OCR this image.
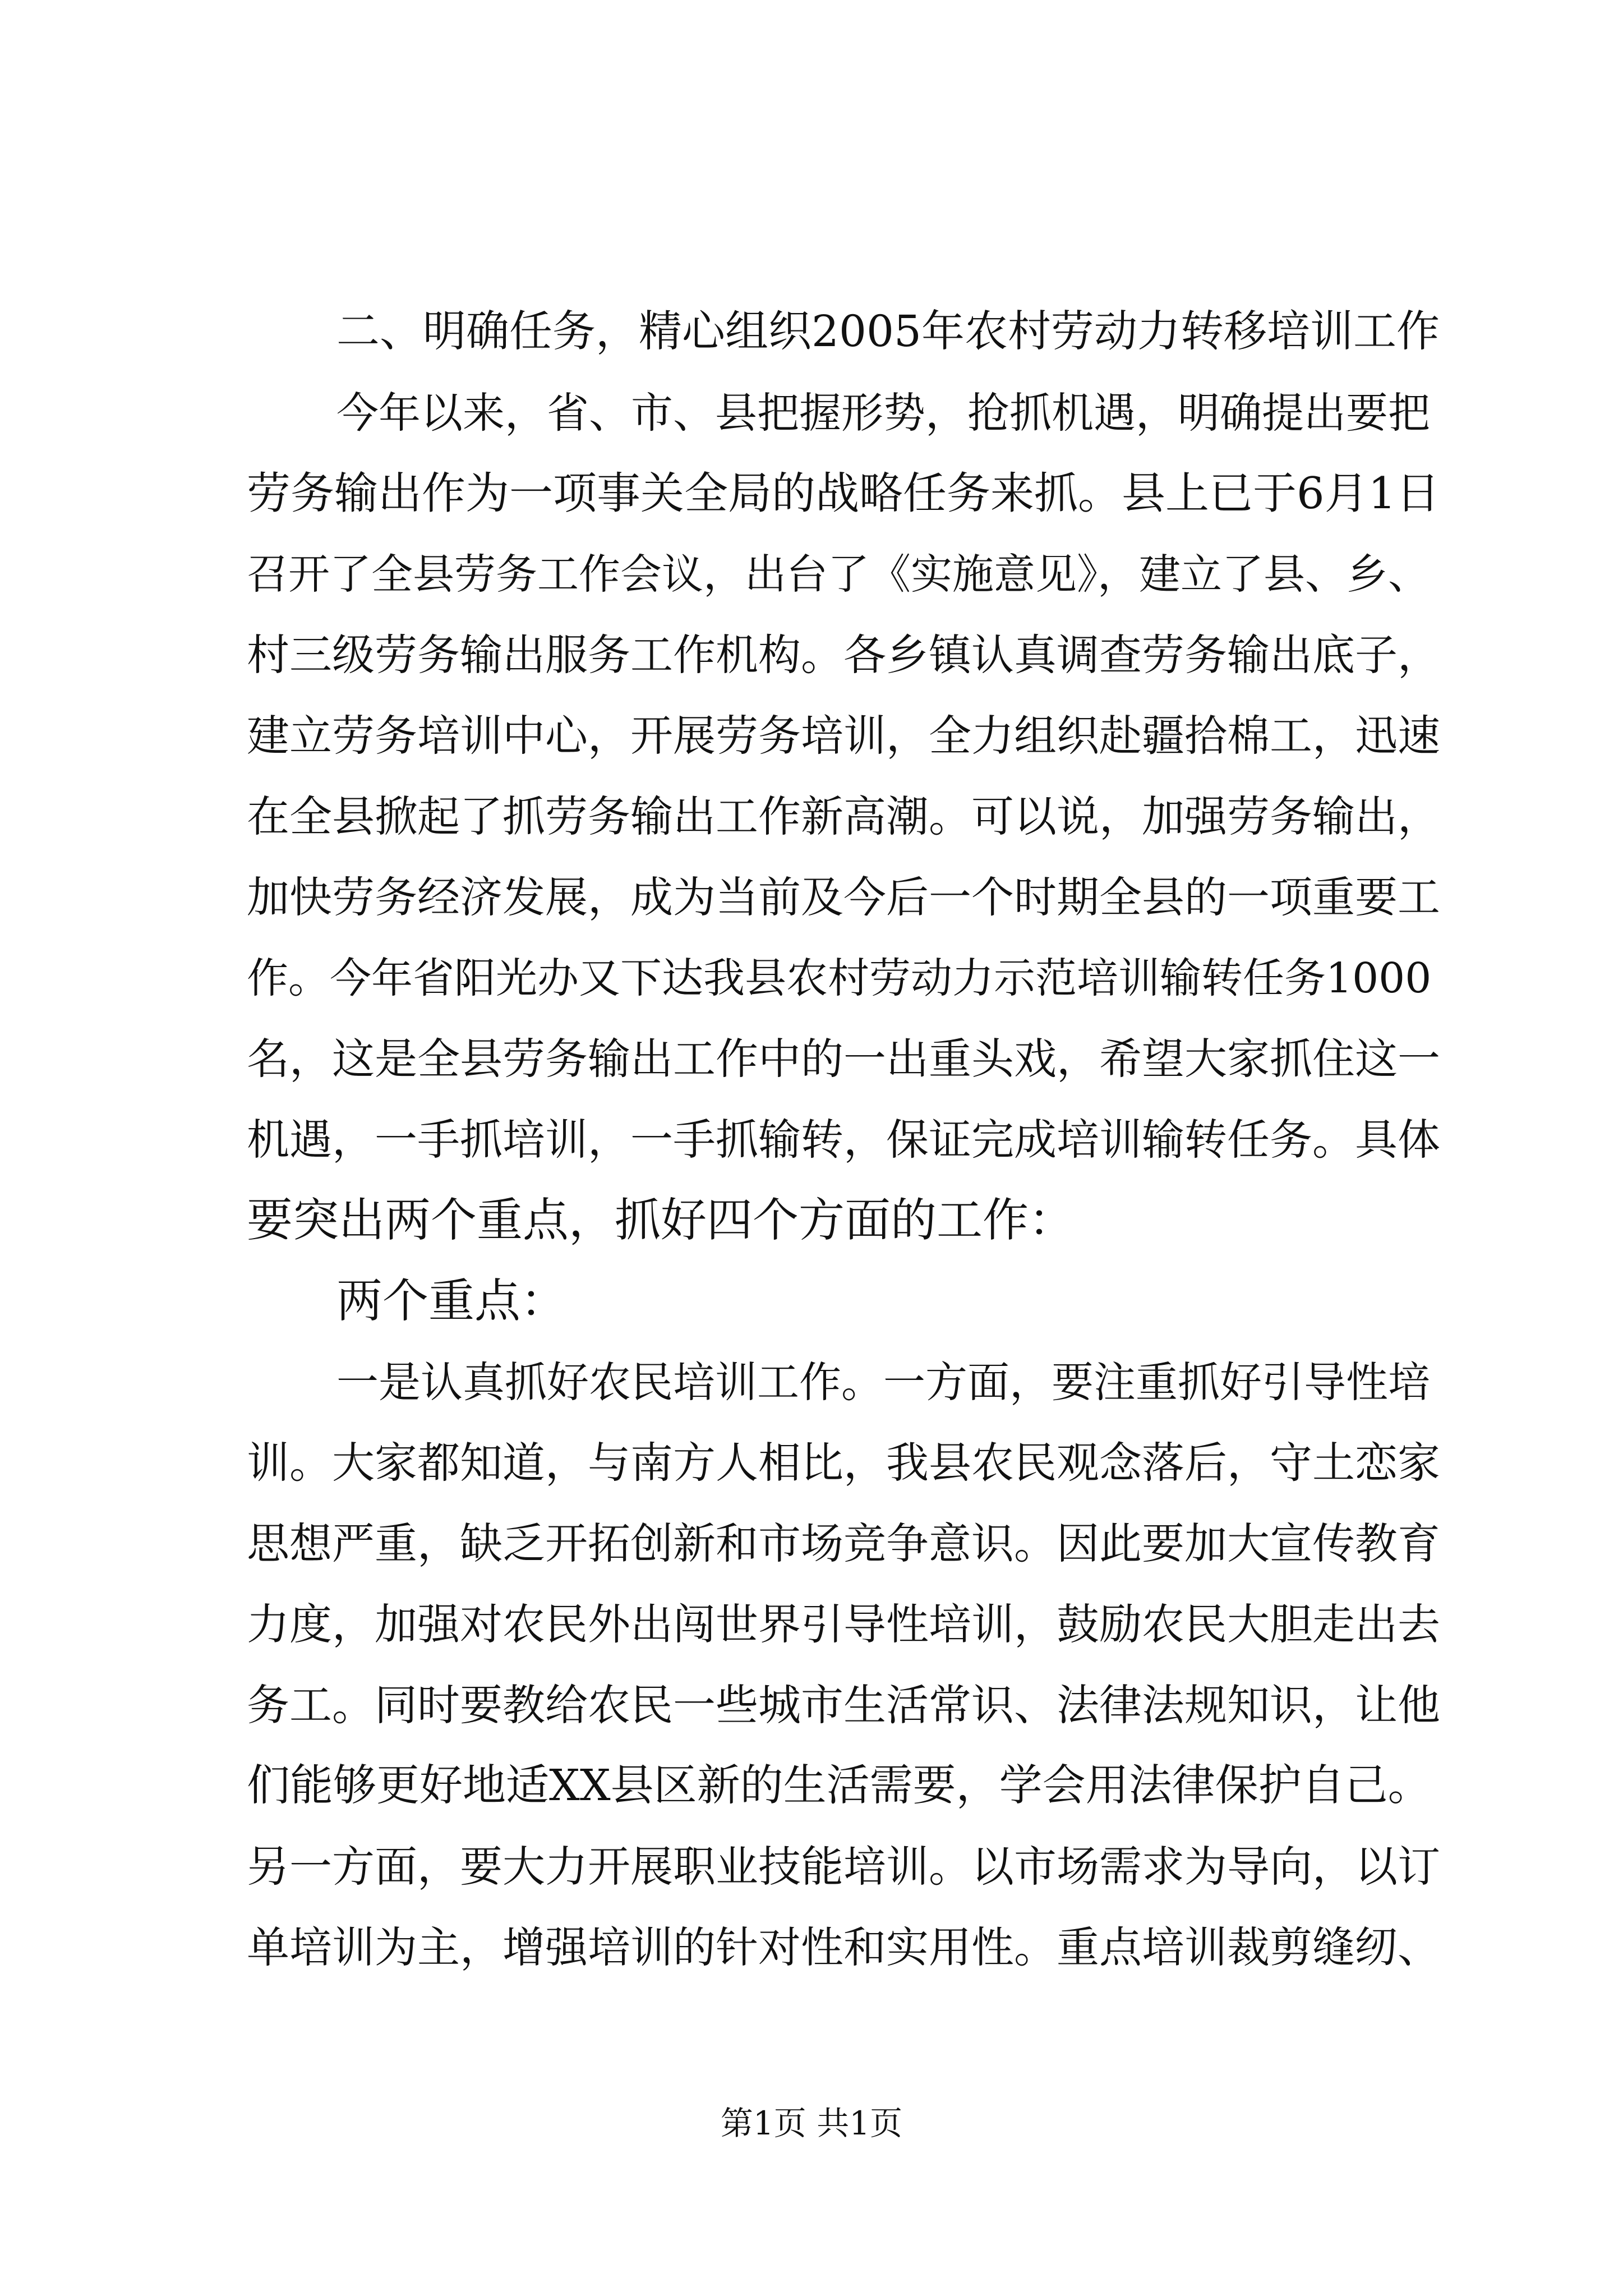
二、明确任务，精心组织2005年农村劳动力转移培训工作
今年以来，省、市、县把握形势，抢抓机遇，明确提出要把
劳务输出作为一项事关全局的战略任务来抓。县上已于6月1日
召开了全县劳务工作会议，出台了《实施意见》，建立了县、乡、
村三级劳务输出服务工作机构。各乡镇认真调查劳务输出底子，
建立劳务培训中心，开展劳务培训，全力组织赴疆拾棉工，迅速
在全县掀起了抓劳务输出工作新高潮。可以说，加强劳务输出，
加快劳务经济发展，成为当前及今后一个时期全县的一项重要工
作。今年省阳光办又下达我县农村劳动力示范培训输转任务1000
名，这是全县劳务输出工作中的一出重头戏，希望大家抓住这一
机遇，一手抓培训，一手抓输转，保证完成培训输转任务。具体
要突出两个重点，抓好四个方面的工作：
两个重点：
一是认真抓好农民培训工作。一方面，要注重抓好引导性培
训。大家都知道，与南方人相比，我县农民观念落后，守土恋家
思想严重，缺乏开拓创新和市场竞争意识。因此要加大宣传教育
力度，加强对农民外出闯世界引导性培训，鼓励农民大胆走出去
务工。同时要教给农民一些城市生活常识、法律法规知识，让他
们能够更好地适XX县区新的生活需要，学会用法律保护自己。
另一方面，要大力开展职业技能培训。以市场需求为导向，以订
单培训为主，增强培训的针对性和实用性。重点培训裁剪缝纫、
第1页 共1页
